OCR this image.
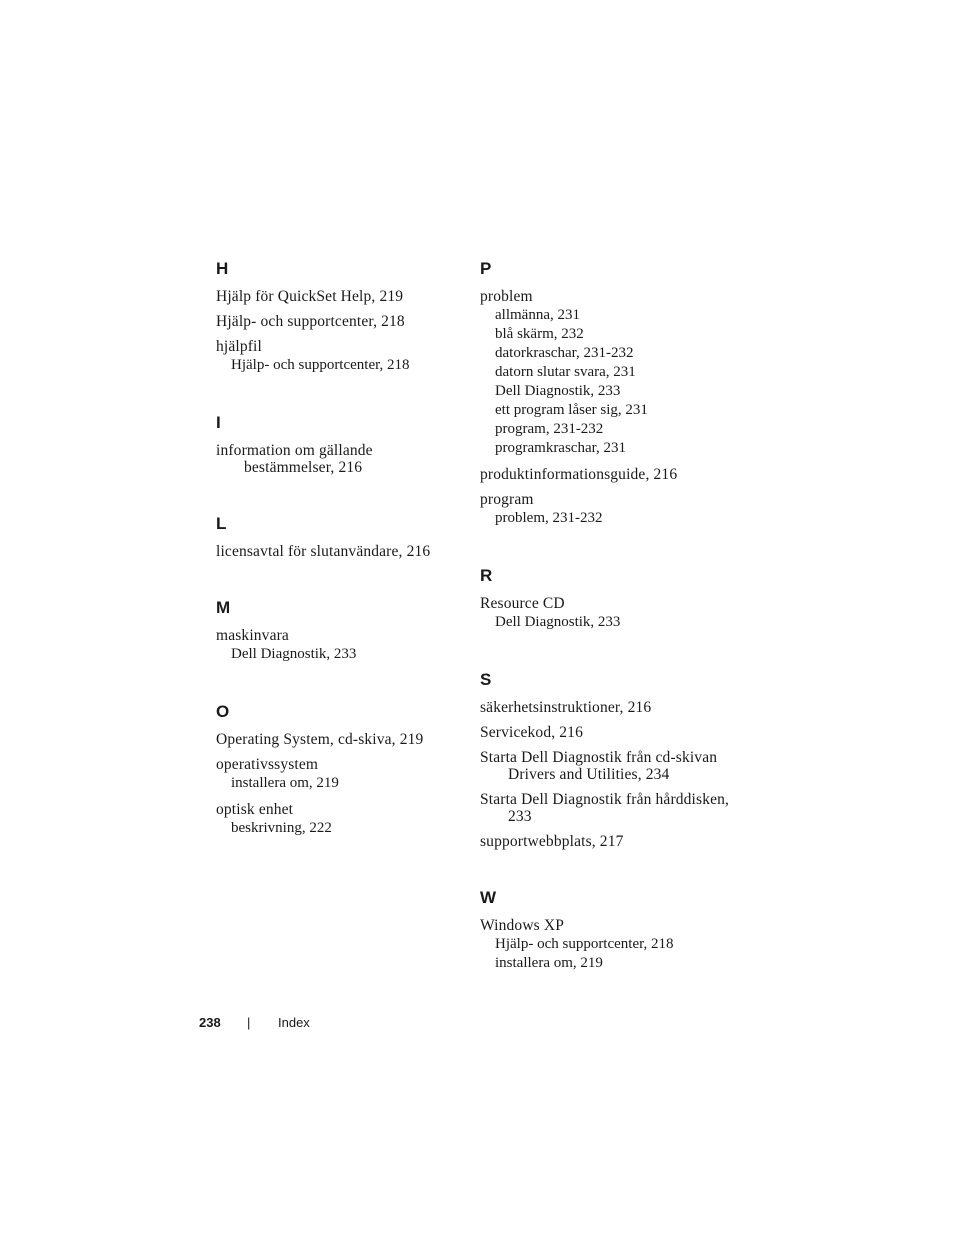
H
Hjälp för QuickSet Help, 219
Hjälp- och supportcenter, 218
hjälpfil
Hjälp- och supportcenter, 218
I
information om gällande bestämmelser, 216
L
licensavtal för slutanvändare, 216
M
maskinvara
Dell Diagnostik, 233
O
Operating System, cd-skiva, 219
operativssystem
installera om, 219
optisk enhet
beskrivning, 222
P
problem
allmänna, 231
blå skärm, 232
datorkraschar, 231-232
datorn slutar svara, 231
Dell Diagnostik, 233
ett program låser sig, 231
program, 231-232
programkraschar, 231
produktinformationsguide, 216
program
problem, 231-232
R
Resource CD
Dell Diagnostik, 233
S
säkerhetsinstruktioner, 216
Servicekod, 216
Starta Dell Diagnostik från cd-skivan Drivers and Utilities, 234
Starta Dell Diagnostik från hårddisken, 233
supportwebbplats, 217
W
Windows XP
Hjälp- och supportcenter, 218
installera om, 219
238 | Index
